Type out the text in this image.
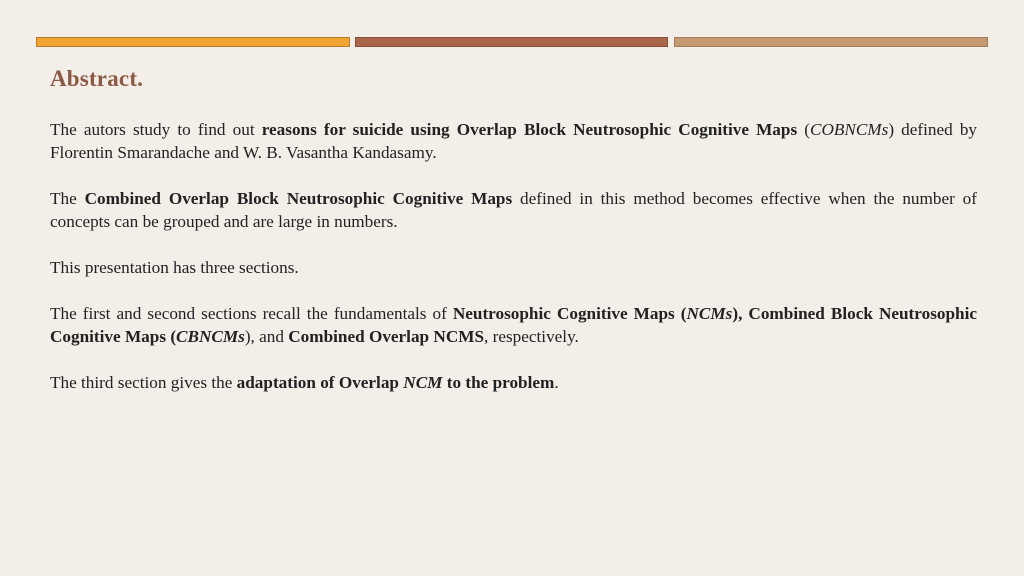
Abstract.

The autors study to find out reasons for suicide using Overlap Block Neutrosophic Cognitive Maps (COBNCMs) defined by Florentin Smarandache and W. B. Vasantha Kandasamy.

The Combined Overlap Block Neutrosophic Cognitive Maps defined in this method becomes effective when the number of concepts can be grouped and are large in numbers.

This presentation has three sections.

The first and second sections recall the fundamentals of Neutrosophic Cognitive Maps (NCMs), Combined Block Neutrosophic Cognitive Maps (CBNCMs), and Combined Overlap NCMS, respectively.

The third section gives the adaptation of Overlap NCM to the problem.
